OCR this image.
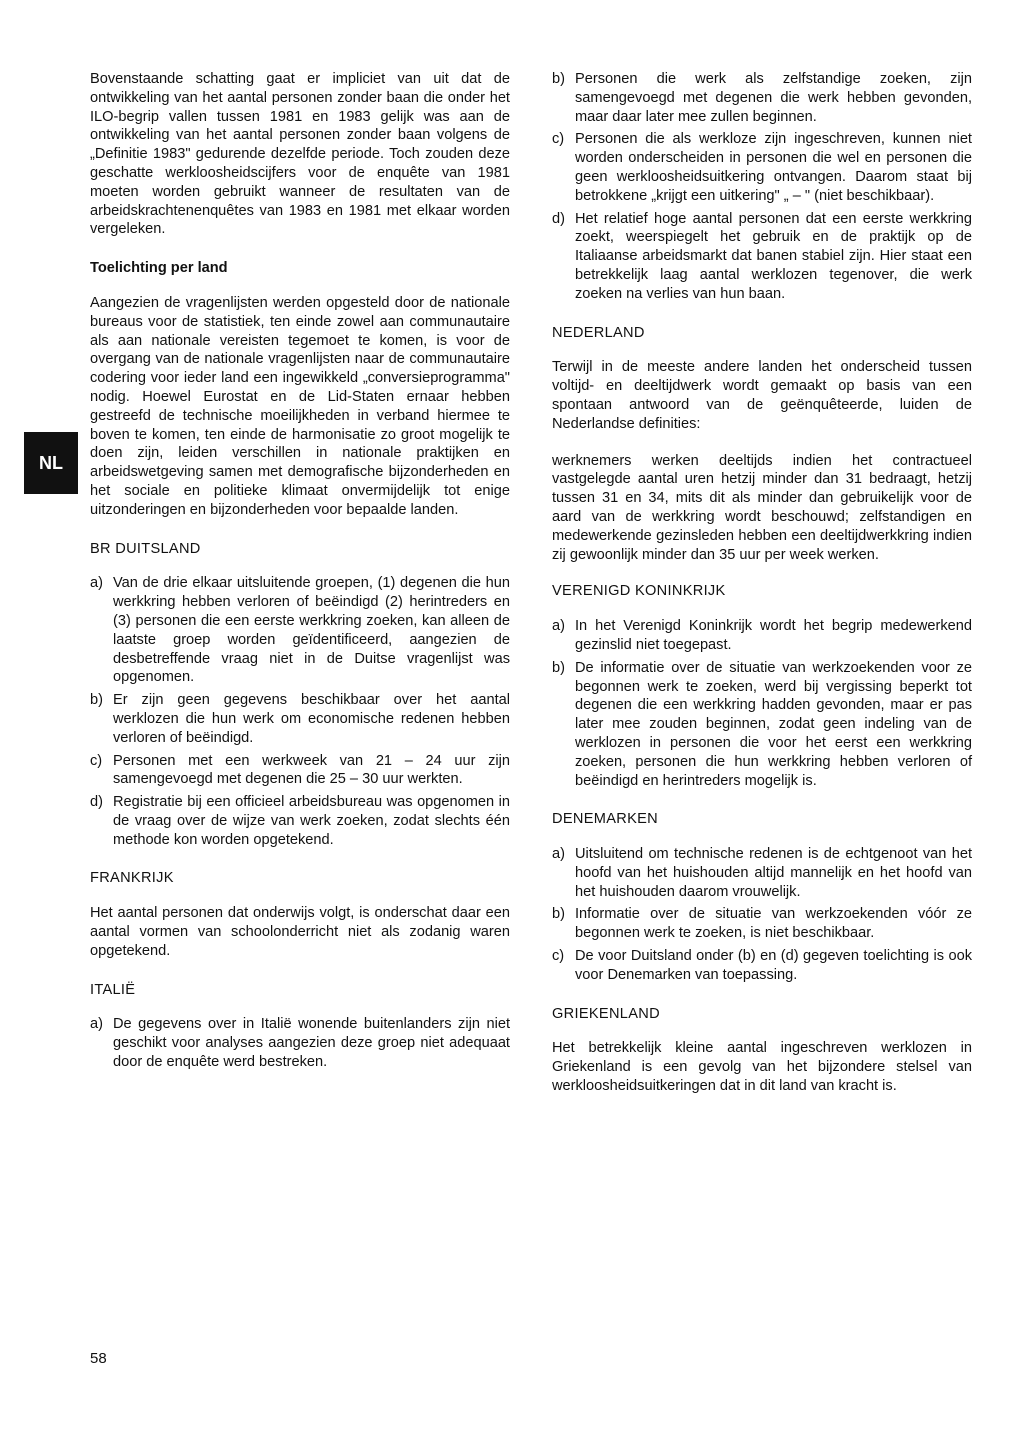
NL

Bovenstaande schatting gaat er impliciet van uit dat de ontwikkeling van het aantal personen zonder baan die onder het ILO-begrip vallen tussen 1981 en 1983 gelijk was aan de ontwikkeling van het aantal personen zonder baan volgens de „Definitie 1983" gedurende dezelfde periode. Toch zouden deze geschatte werkloosheidscijfers voor de enquête van 1981 moeten worden gebruikt wanneer de resultaten van de arbeidskrachtenenquêtes van 1983 en 1981 met elkaar worden vergeleken.

Toelichting per land

Aangezien de vragenlijsten werden opgesteld door de nationale bureaus voor de statistiek, ten einde zowel aan communautaire als aan nationale vereisten tegemoet te komen, is voor de overgang van de nationale vragenlijsten naar de communautaire codering voor ieder land een ingewikkeld „conversieprogramma" nodig. Hoewel Eurostat en de Lid-Staten ernaar hebben gestreefd de technische moeilijkheden in verband hiermee te boven te komen, ten einde de harmonisatie zo groot mogelijk te doen zijn, leiden verschillen in nationale praktijken en arbeidswetgeving samen met demografische bijzonderheden en het sociale en politieke klimaat onvermijdelijk tot enige uitzonderingen en bijzonderheden voor bepaalde landen.

BR DUITSLAND

a) Van de drie elkaar uitsluitende groepen, (1) degenen die hun werkkring hebben verloren of beëindigd (2) herintreders en (3) personen die een eerste werkkring zoeken, kan alleen de laatste groep worden geïdentificeerd, aangezien de desbetreffende vraag niet in de Duitse vragenlijst was opgenomen.
b) Er zijn geen gegevens beschikbaar over het aantal werklozen die hun werk om economische redenen hebben verloren of beëindigd.
c) Personen met een werkweek van 21 – 24 uur zijn samengevoegd met degenen die 25 – 30 uur werkten.
d) Registratie bij een officieel arbeidsbureau was opgenomen in de vraag over de wijze van werk zoeken, zodat slechts één methode kon worden opgetekend.

FRANKRIJK

Het aantal personen dat onderwijs volgt, is onderschat daar een aantal vormen van schoolonderricht niet als zodanig waren opgetekend.

ITALIË

a) De gegevens over in Italië wonende buitenlanders zijn niet geschikt voor analyses aangezien deze groep niet adequaat door de enquête werd bestreken.
b) Personen die werk als zelfstandige zoeken, zijn samengevoegd met degenen die werk hebben gevonden, maar daar later mee zullen beginnen.
c) Personen die als werkloze zijn ingeschreven, kunnen niet worden onderscheiden in personen die wel en personen die geen werkloosheidsuitkering ontvangen. Daarom staat bij betrokkene „krijgt een uitkering" „ – " (niet beschikbaar).
d) Het relatief hoge aantal personen dat een eerste werkkring zoekt, weerspiegelt het gebruik en de praktijk op de Italiaanse arbeidsmarkt dat banen stabiel zijn. Hier staat een betrekkelijk laag aantal werklozen tegenover, die werk zoeken na verlies van hun baan.

NEDERLAND

Terwijl in de meeste andere landen het onderscheid tussen voltijd- en deeltijdwerk wordt gemaakt op basis van een spontaan antwoord van de geënquêteerde, luiden de Nederlandse definities:

werknemers werken deeltijds indien het contractueel vastgelegde aantal uren hetzij minder dan 31 bedraagt, hetzij tussen 31 en 34, mits dit als minder dan gebruikelijk voor de aard van de werkkring wordt beschouwd; zelfstandigen en medewerkende gezinsleden hebben een deeltijdwerkkring indien zij gewoonlijk minder dan 35 uur per week werken.

VERENIGD KONINKRIJK

a) In het Verenigd Koninkrijk wordt het begrip medewerkend gezinslid niet toegepast.
b) De informatie over de situatie van werkzoekenden voor ze begonnen werk te zoeken, werd bij vergissing beperkt tot degenen die een werkkring hadden gevonden, maar er pas later mee zouden beginnen, zodat geen indeling van de werklozen in personen die voor het eerst een werkkring zoeken, personen die hun werkkring hebben verloren of beëindigd en herintreders mogelijk is.

DENEMARKEN

a) Uitsluitend om technische redenen is de echtgenoot van het hoofd van het huishouden altijd mannelijk en het hoofd van het huishouden daarom vrouwelijk.
b) Informatie over de situatie van werkzoekenden vóór ze begonnen werk te zoeken, is niet beschikbaar.
c) De voor Duitsland onder (b) en (d) gegeven toelichting is ook voor Denemarken van toepassing.

GRIEKENLAND

Het betrekkelijk kleine aantal ingeschreven werklozen in Griekenland is een gevolg van het bijzondere stelsel van werkloosheidsuitkeringen dat in dit land van kracht is.

58
